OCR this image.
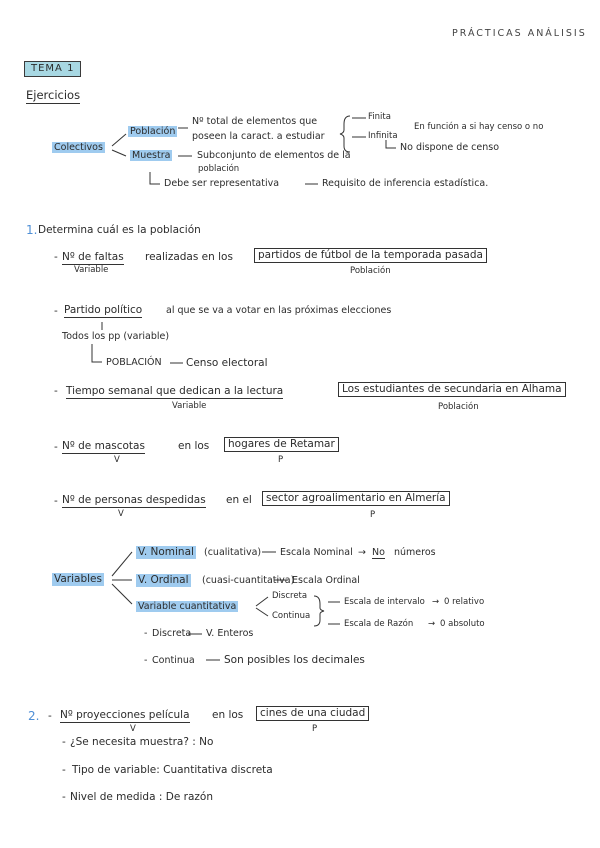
PRÁCTICAS ANÁLISIS
TEMA 1
Ejercicios
Colectivos
Población
Muestra
Nº total de elementos que
poseen la caract. a estudiar
Finita
Infinita
En función a si hay censo o no
No dispone de censo
Subconjunto de elementos de la
población
Debe ser representativa	Requisito de inferencia estadística.
1. Determina cuál es la población
- Nº de faltas realizadas en los	partidos de fútbol de la temporada pasada
Variable	Población
- Partido político	al que se va a votar en las próximas elecciones
Todos los pp (variable)
POBLACIÓN Censo electoral
- Tiempo semanal que dedican a la lectura	Los estudiantes de secundaria en Alhama
Variable	Población
- Nº de mascotas	en los	hogares de Retamar
V	P
- Nº de personas despedidas en el	sector agroalimentario en Almería
V	P
Variables
V. Nominal (cualitativa) Escala Nominal → No números
V. Ordinal (cuasi-cuantitativa)
Escala Ordinal
Variable cuantitativa
Discreta
Continua
Escala de intervalo → 0 relativo
Escala de Razón → 0 absoluto
- Discreta V. Enteros
- Continua	Son posibles los decimales
2. - Nº proyecciones película en los	cines de una ciudad
V	P
- ¿Se necesita muestra? : No
- Tipo de variable: Cuantitativa discreta
- Nivel de medida : De razón
